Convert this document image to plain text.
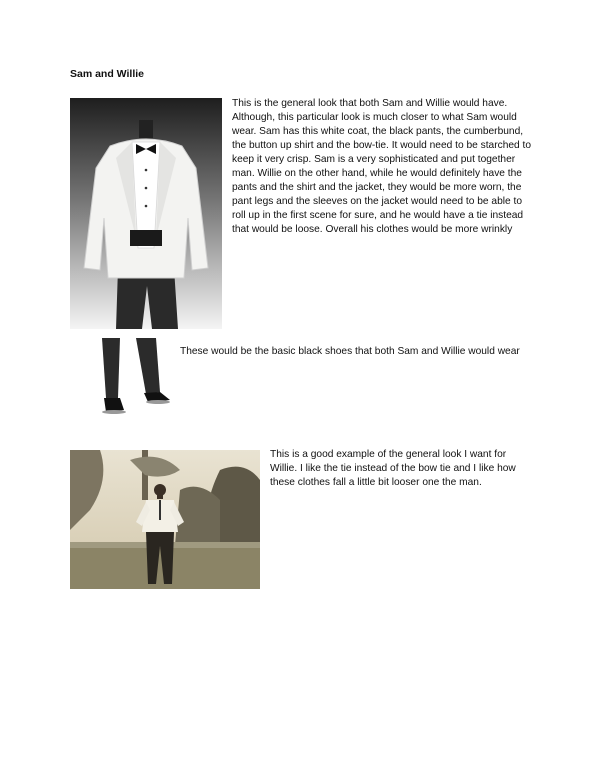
Sam and Willie

This is the general look that both Sam and Willie would have. Although, this particular look is much closer to what Sam would wear. Sam has this white coat, the black pants, the cumberbund, the button up shirt and the bow-tie. It would need to be starched to keep it very crisp. Sam is a very sophisticated and put together man. Willie on the other hand, while he would definitely have the pants and the shirt and the jacket, they would be more worn, the pant legs and the sleeves on the jacket would need to be able to roll up in the first scene for sure, and he would have a tie instead that would be loose. Overall his clothes would be more wrinkly

These would be the basic black shoes that both Sam and Willie would wear

This is a good example of the general look I want for Willie. I like the tie instead of the bow tie and I like how these clothes fall a little bit looser one the man.
